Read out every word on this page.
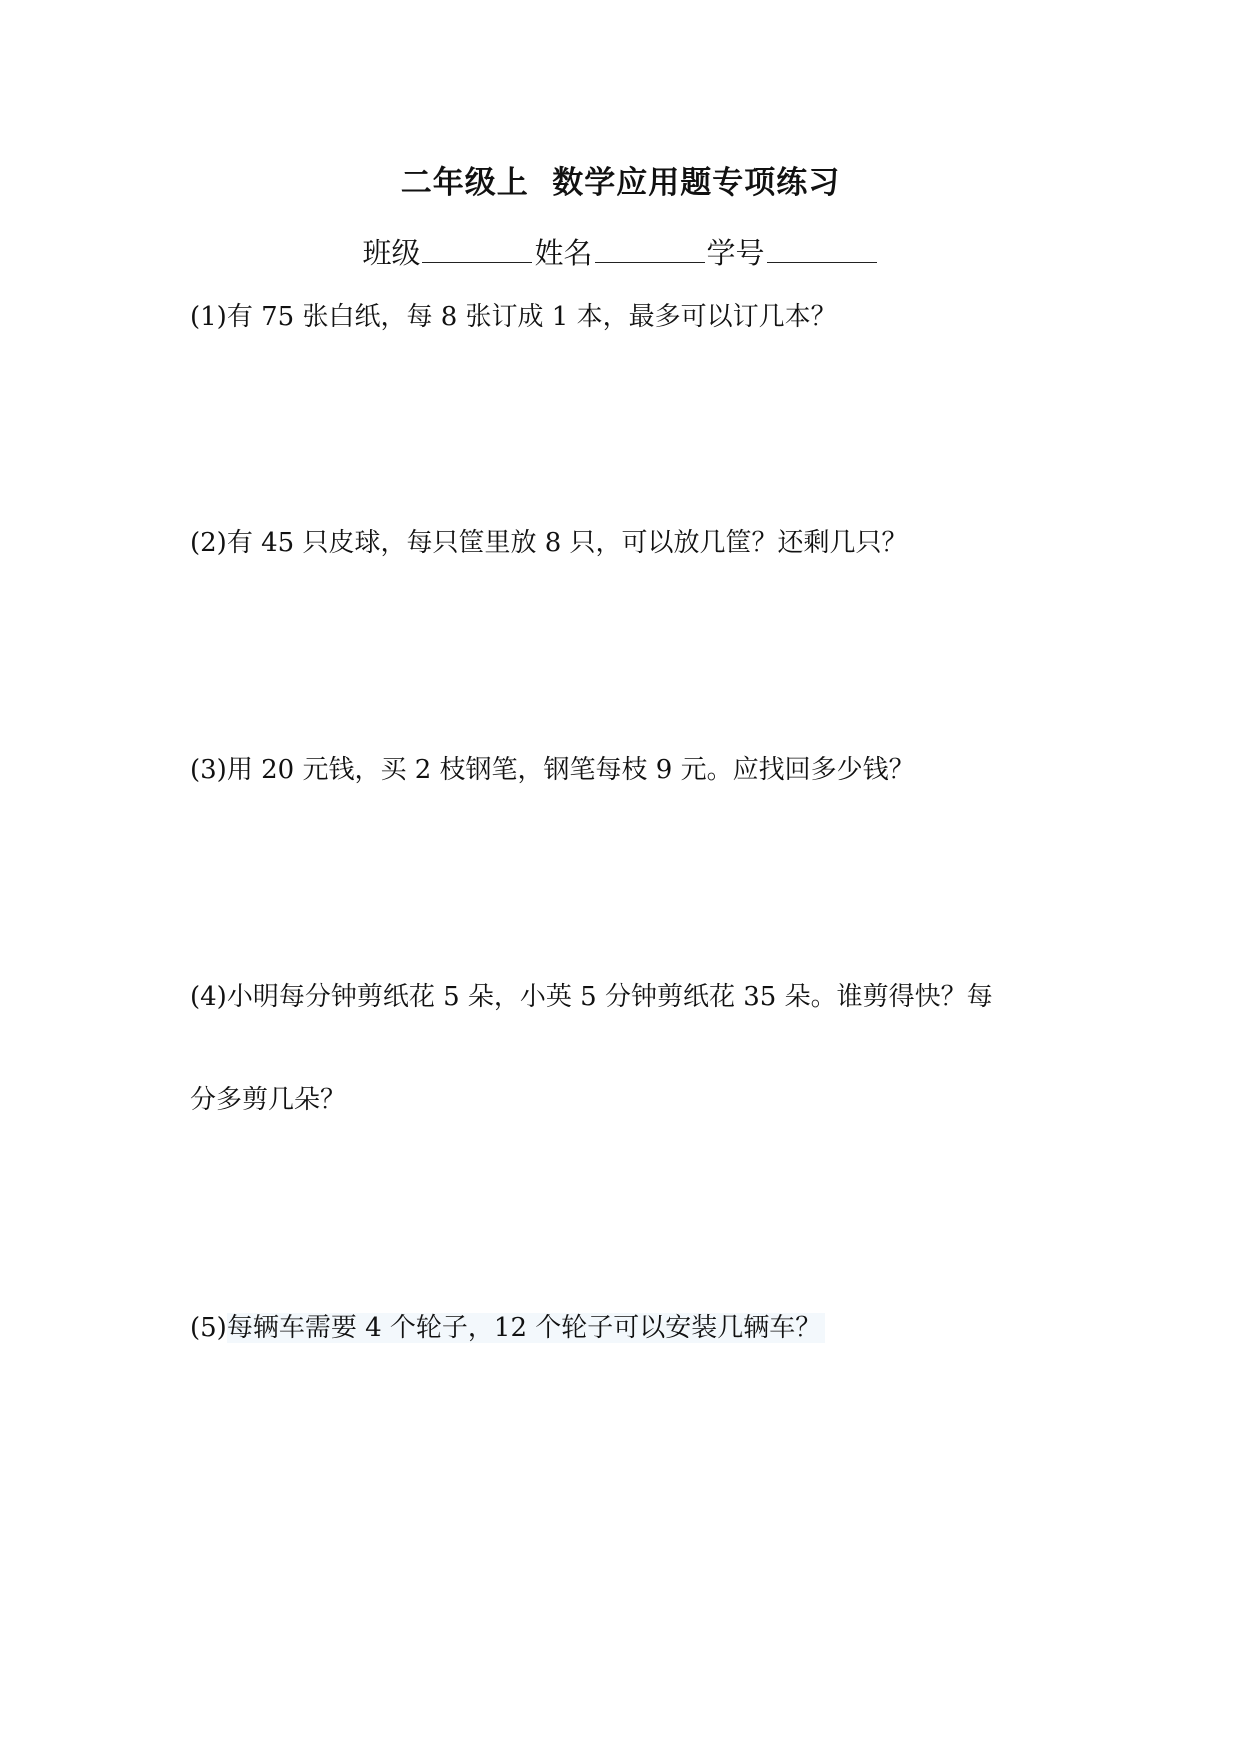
二年级上  数学应用题专项练习
班级	姓名	学号
(1)有 75 张白纸，每 8 张订成 1 本，最多可以订几本？
(2)有 45 只皮球，每只筐里放 8 只，可以放几筐？还剩几只？
(3)用 20 元钱，买 2 枝钢笔，钢笔每枝 9 元。应找回多少钱？
(4)小明每分钟剪纸花 5 朵，小英 5 分钟剪纸花 35 朵。谁剪得快？每
分多剪几朵？
(5)每辆车需要 4 个轮子，12 个轮子可以安装几辆车？
